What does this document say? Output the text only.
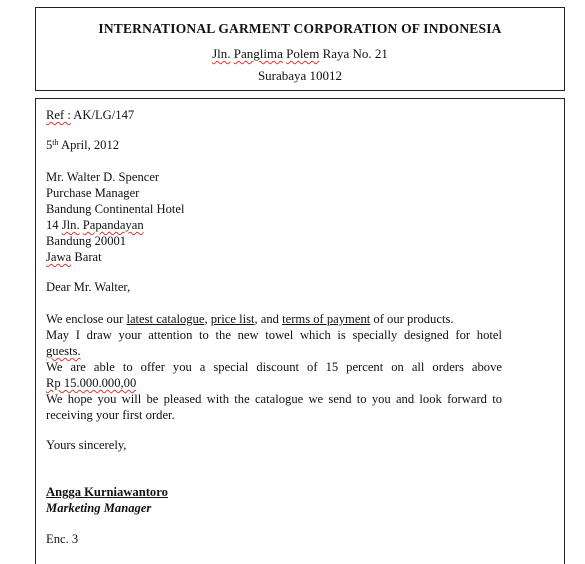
INTERNATIONAL GARMENT CORPORATION OF INDONESIA
Jln. Panglima Polem Raya No. 21
Surabaya 10012
Ref : AK/LG/147
5th April, 2012
Mr. Walter D. Spencer
Purchase Manager
Bandung Continental Hotel
14 Jln. Papandayan
Bandung 20001
Jawa Barat
Dear Mr. Walter,
We enclose our latest catalogue, price list, and terms of payment of our products.
May I draw your attention to the new towel which is specially designed for hotel
guests.
We are able to offer you a special discount of 15 percent on all orders above
Rp 15.000.000,00
We hope you will be pleased with the catalogue we send to you and look forward to
receiving your first order.
Yours sincerely,
Angga Kurniawantoro
Marketing Manager
Enc. 3
